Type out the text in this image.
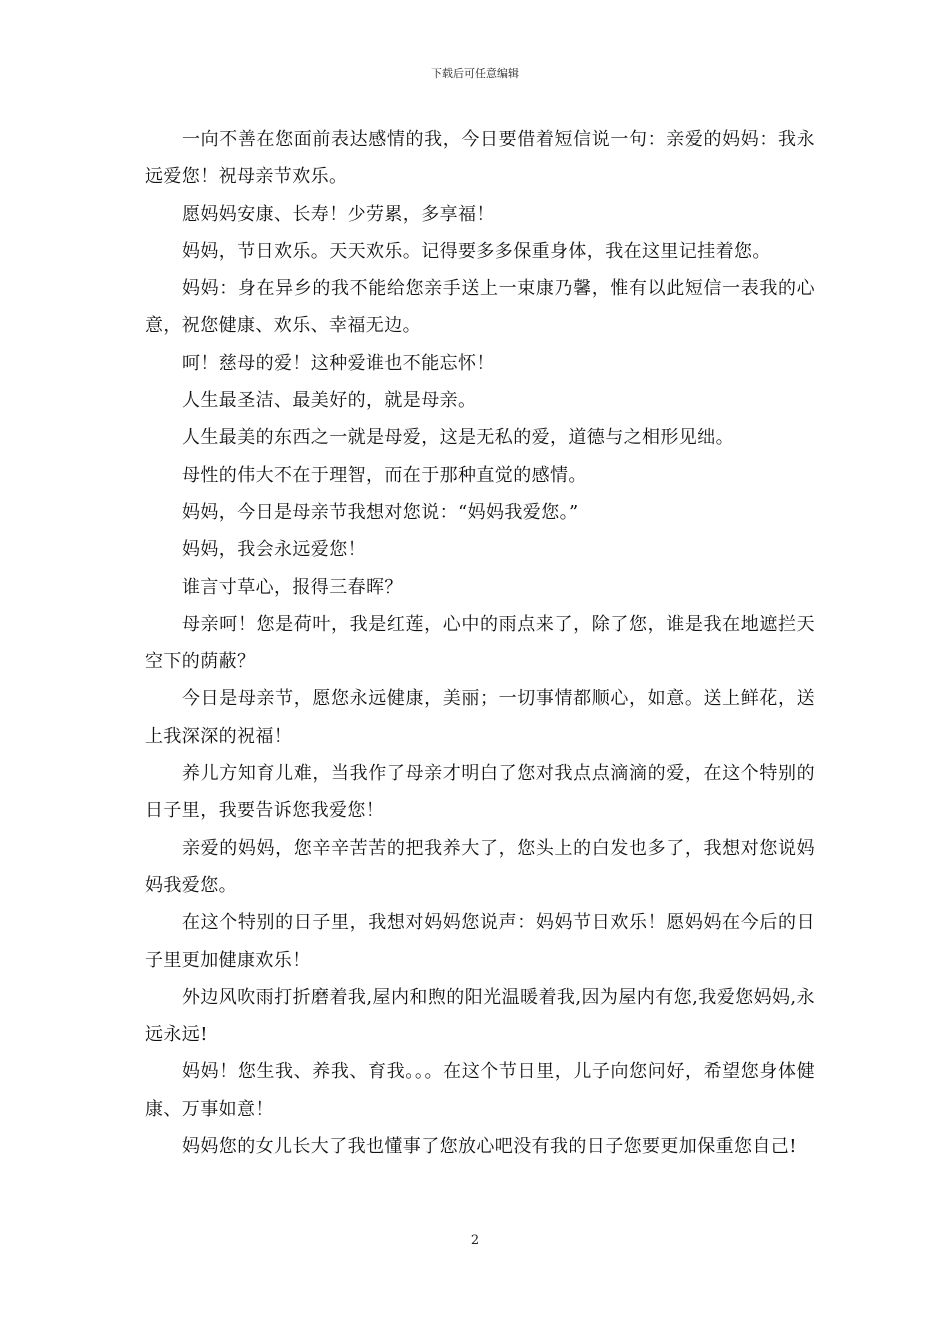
下载后可任意编辑

一向不善在您面前表达感情的我，今日要借着短信说一句：亲爱的妈妈：我永远爱您！祝母亲节欢乐。

愿妈妈安康、长寿！少劳累，多享福！

妈妈，节日欢乐。天天欢乐。记得要多多保重身体，我在这里记挂着您。

妈妈：身在异乡的我不能给您亲手送上一束康乃馨，惟有以此短信一表我的心意，祝您健康、欢乐、幸福无边。

呵！慈母的爱！这种爱谁也不能忘怀！

人生最圣洁、最美好的，就是母亲。

人生最美的东西之一就是母爱，这是无私的爱，道德与之相形见绌。

母性的伟大不在于理智，而在于那种直觉的感情。

妈妈，今日是母亲节我想对您说：“妈妈我爱您。”

妈妈，我会永远爱您！

谁言寸草心，报得三春晖？

母亲呵！您是荷叶，我是红莲，心中的雨点来了，除了您，谁是我在地遮拦天空下的荫蔽？

今日是母亲节，愿您永远健康，美丽；一切事情都顺心，如意。送上鲜花，送上我深深的祝福！

养儿方知育儿难，当我作了母亲才明白了您对我点点滴滴的爱，在这个特别的日子里，我要告诉您我爱您！

亲爱的妈妈，您辛辛苦苦的把我养大了，您头上的白发也多了，我想对您说妈妈我爱您。

在这个特别的日子里，我想对妈妈您说声：妈妈节日欢乐！愿妈妈在今后的日子里更加健康欢乐！

外边风吹雨打折磨着我,屋内和煦的阳光温暖着我,因为屋内有您,我爱您妈妈,永远永远!

妈妈！您生我、养我、育我。。。在这个节日里，儿子向您问好，希望您身体健康、万事如意！

妈妈您的女儿长大了我也懂事了您放心吧没有我的日子您要更加保重您自己!

2
